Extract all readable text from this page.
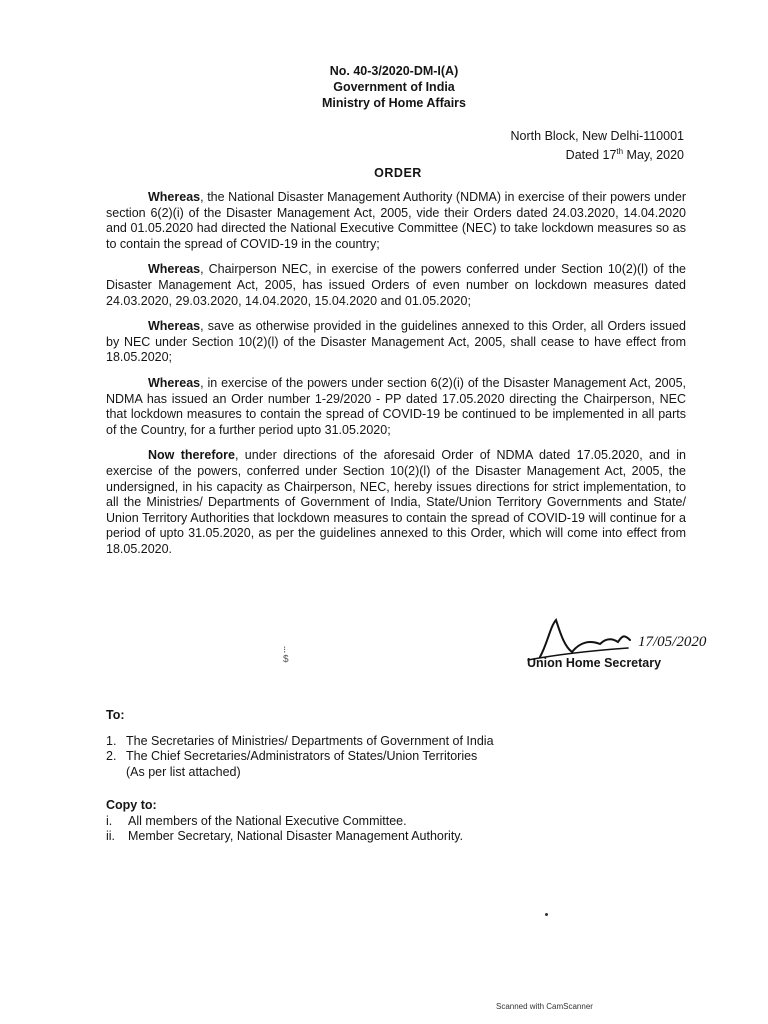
No. 40-3/2020-DM-I(A)
Government of India
Ministry of Home Affairs
North Block, New Delhi-110001
Dated 17th May, 2020
ORDER

Whereas, the National Disaster Management Authority (NDMA) in exercise of their powers under section 6(2)(i) of the Disaster Management Act, 2005, vide their Orders dated 24.03.2020, 14.04.2020 and 01.05.2020 had directed the National Executive Committee (NEC) to take lockdown measures so as to contain the spread of COVID-19 in the country;

Whereas, Chairperson NEC, in exercise of the powers conferred under Section 10(2)(l) of the Disaster Management Act, 2005, has issued Orders of even number on lockdown measures dated 24.03.2020, 29.03.2020, 14.04.2020, 15.04.2020 and 01.05.2020;

Whereas, save as otherwise provided in the guidelines annexed to this Order, all Orders issued by NEC under Section 10(2)(l) of the Disaster Management Act, 2005, shall cease to have effect from 18.05.2020;

Whereas, in exercise of the powers under section 6(2)(i) of the Disaster Management Act, 2005, NDMA has issued an Order number 1-29/2020 - PP dated 17.05.2020 directing the Chairperson, NEC that lockdown measures to contain the spread of COVID-19 be continued to be implemented in all parts of the Country, for a further period upto 31.05.2020;

Now therefore, under directions of the aforesaid Order of NDMA dated 17.05.2020, and in exercise of the powers, conferred under Section 10(2)(l) of the Disaster Management Act, 2005, the undersigned, in his capacity as Chairperson, NEC, hereby issues directions for strict implementation, to all the Ministries/ Departments of Government of India, State/Union Territory Governments and State/ Union Territory Authorities that lockdown measures to contain the spread of COVID-19 will continue for a period of upto 31.05.2020, as per the guidelines annexed to this Order, which will come into effect from 18.05.2020.

17/05/2020
Union Home Secretary
⁝
$
To:
1. The Secretaries of Ministries/ Departments of Government of India
2. The Chief Secretaries/Administrators of States/Union Territories
(As per list attached)
Copy to:
i. All members of the National Executive Committee.
ii. Member Secretary, National Disaster Management Authority.
Scanned with CamScanner
